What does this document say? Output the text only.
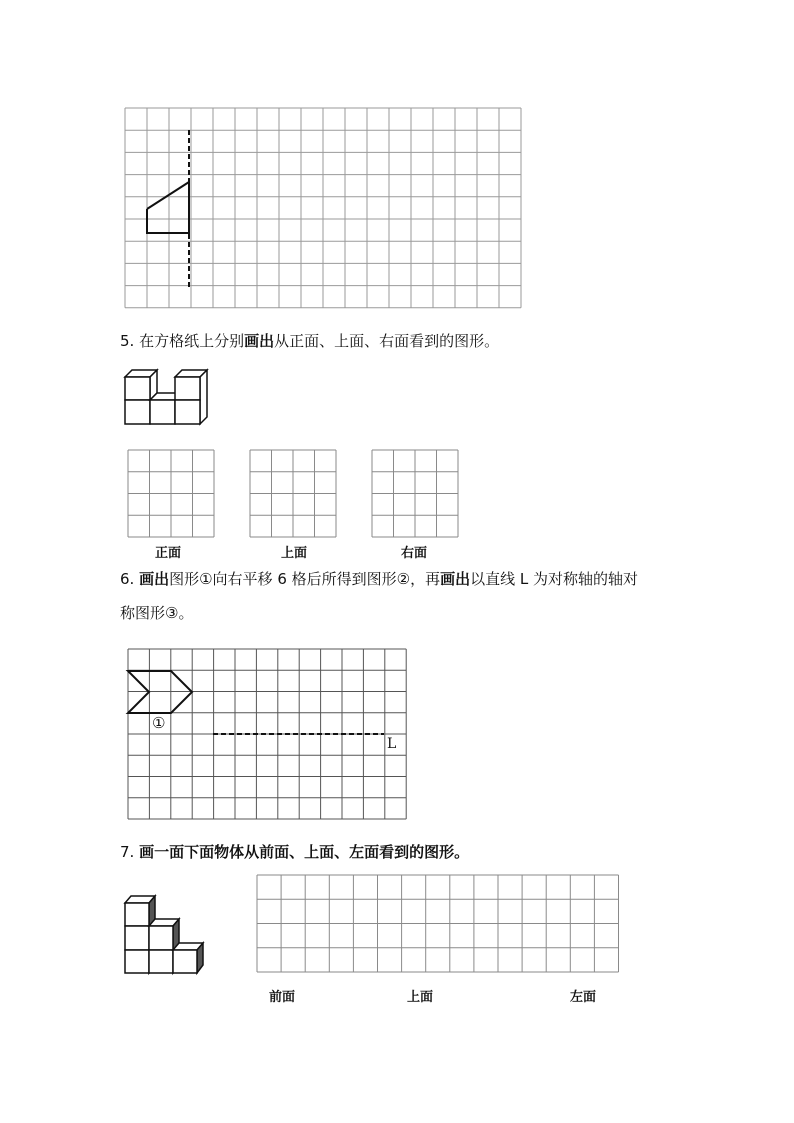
5. 在方格纸上分别画出从正面、上面、右面看到的图形。
正面	上面	右面
6. 画出图形①向右平移 6 格后所得到图形②，再画出以直线 L 为对称轴的轴对
称图形③。
①
L
7. 画一面下面物体从前面、上面、左面看到的图形。
前面	上面	左面
